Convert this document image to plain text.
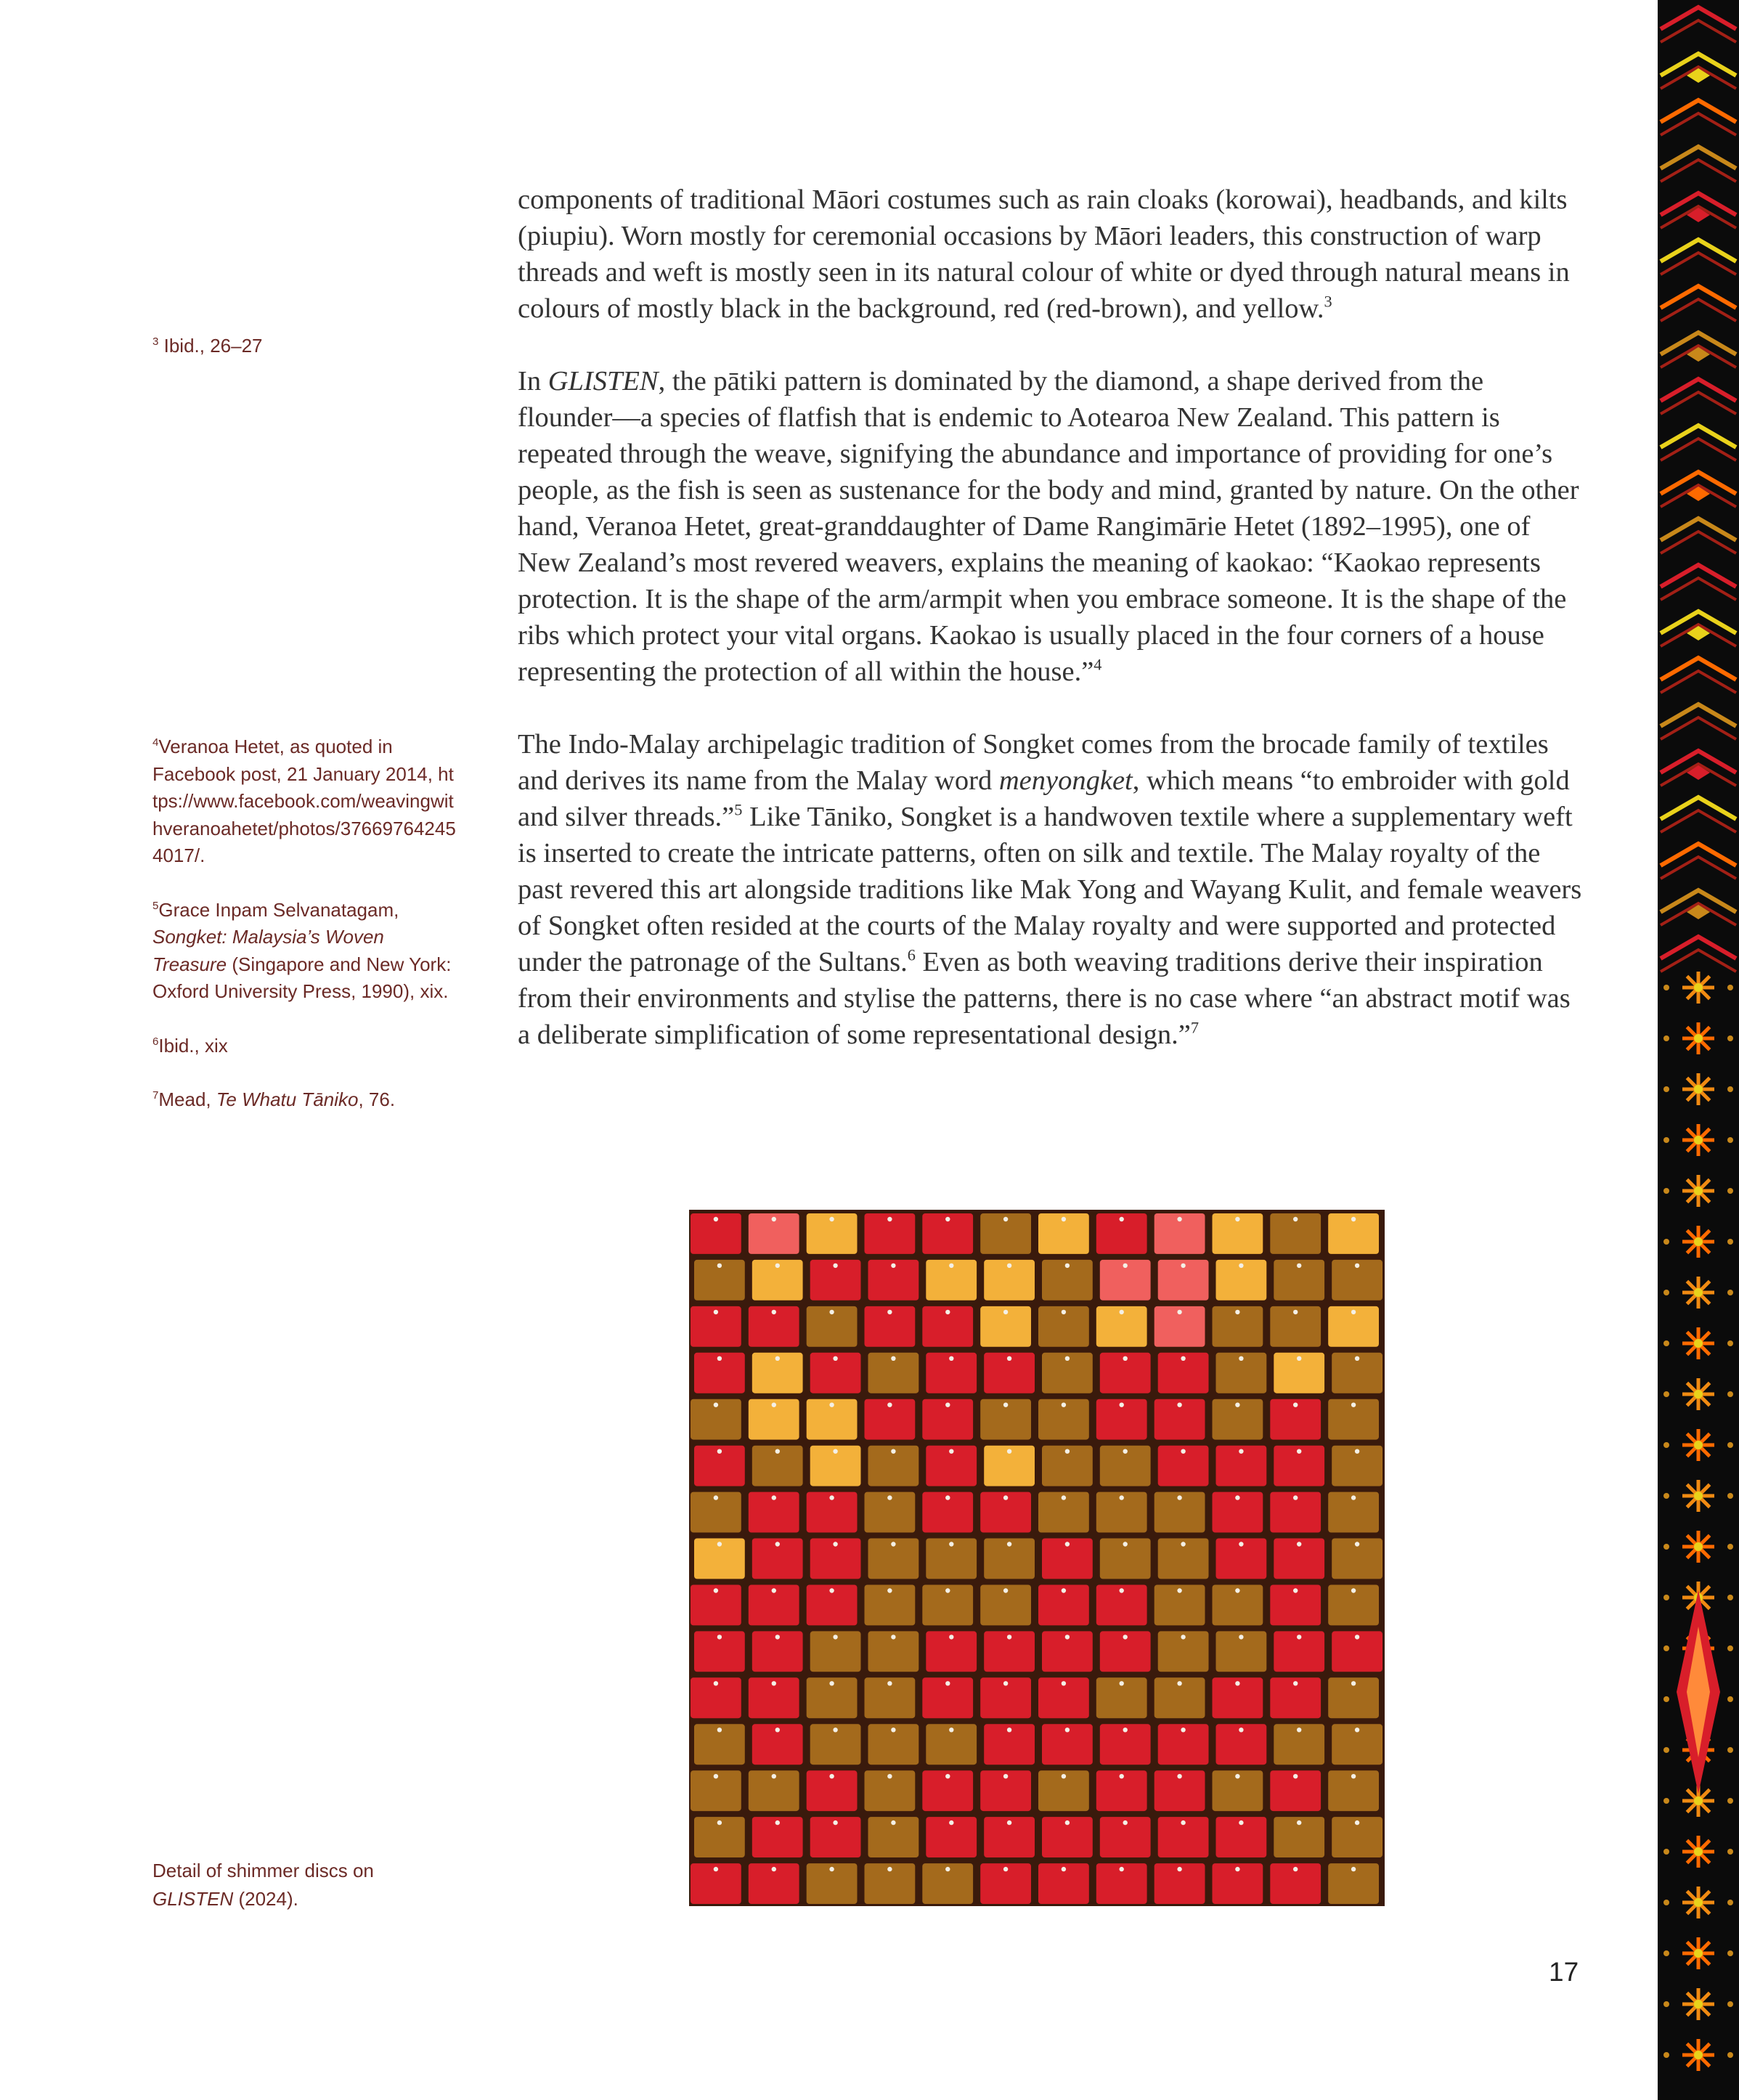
components of traditional Māori costumes such as rain cloaks (korowai), headbands, and kilts (piupiu). Worn mostly for ceremonial occasions by Māori leaders, this construction of warp threads and weft is mostly seen in its natural colour of white or dyed through natural means in colours of mostly black in the background, red (red-brown), and yellow.$^3$

In GLISTEN, the pātiki pattern is dominated by the diamond, a shape derived from the flounder—a species of flatfish that is endemic to Aotearoa New Zealand. This pattern is repeated through the weave, signifying the abundance and importance of providing for one’s people, as the fish is seen as sustenance for the body and mind, granted by nature. On the other hand, Veranoa Hetet, great-granddaughter of Dame Rangimārie Hetet (1892–1995), one of New Zealand’s most revered weavers, explains the meaning of kaokao: “Kaokao represents protection. It is the shape of the arm/armpit when you embrace someone. It is the shape of the ribs which protect your vital organs. Kaokao is usually placed in the four corners of a house representing the protection of all within the house.”$^4$

The Indo-Malay archipelagic tradition of Songket comes from the brocade family of textiles and derives its name from the Malay word menyongket, which means “to embroider with gold and silver threads.”$^5$ Like Tāniko, Songket is a handwoven textile where a supplementary weft is inserted to create the intricate patterns, often on silk and textile. The Malay royalty of the past revered this art alongside traditions like Mak Yong and Wayang Kulit, and female weavers of Songket often resided at the courts of the Malay royalty and were supported and protected under the patronage of the Sultans.$^6$ Even as both weaving traditions derive their inspiration from their environments and stylise the patterns, there is no case where “an abstract motif was a deliberate simplification of some representational design.”$^7$

$^3$ Ibid., 26–27
$^4$Veranoa Hetet, as quoted in Facebook post, 21 January 2014, https://www.facebook.com/weavingwithveranoahetet/photos/376697642454017/.
$^5$Grace Inpam Selvanatagam, Songket: Malaysia’s Woven Treasure (Singapore and New York: Oxford University Press, 1990), xix.
$^6$Ibid., xix
$^7$Mead, Te Whatu Tāniko, 76.
Detail of shimmer discs on GLISTEN (2024).
17
